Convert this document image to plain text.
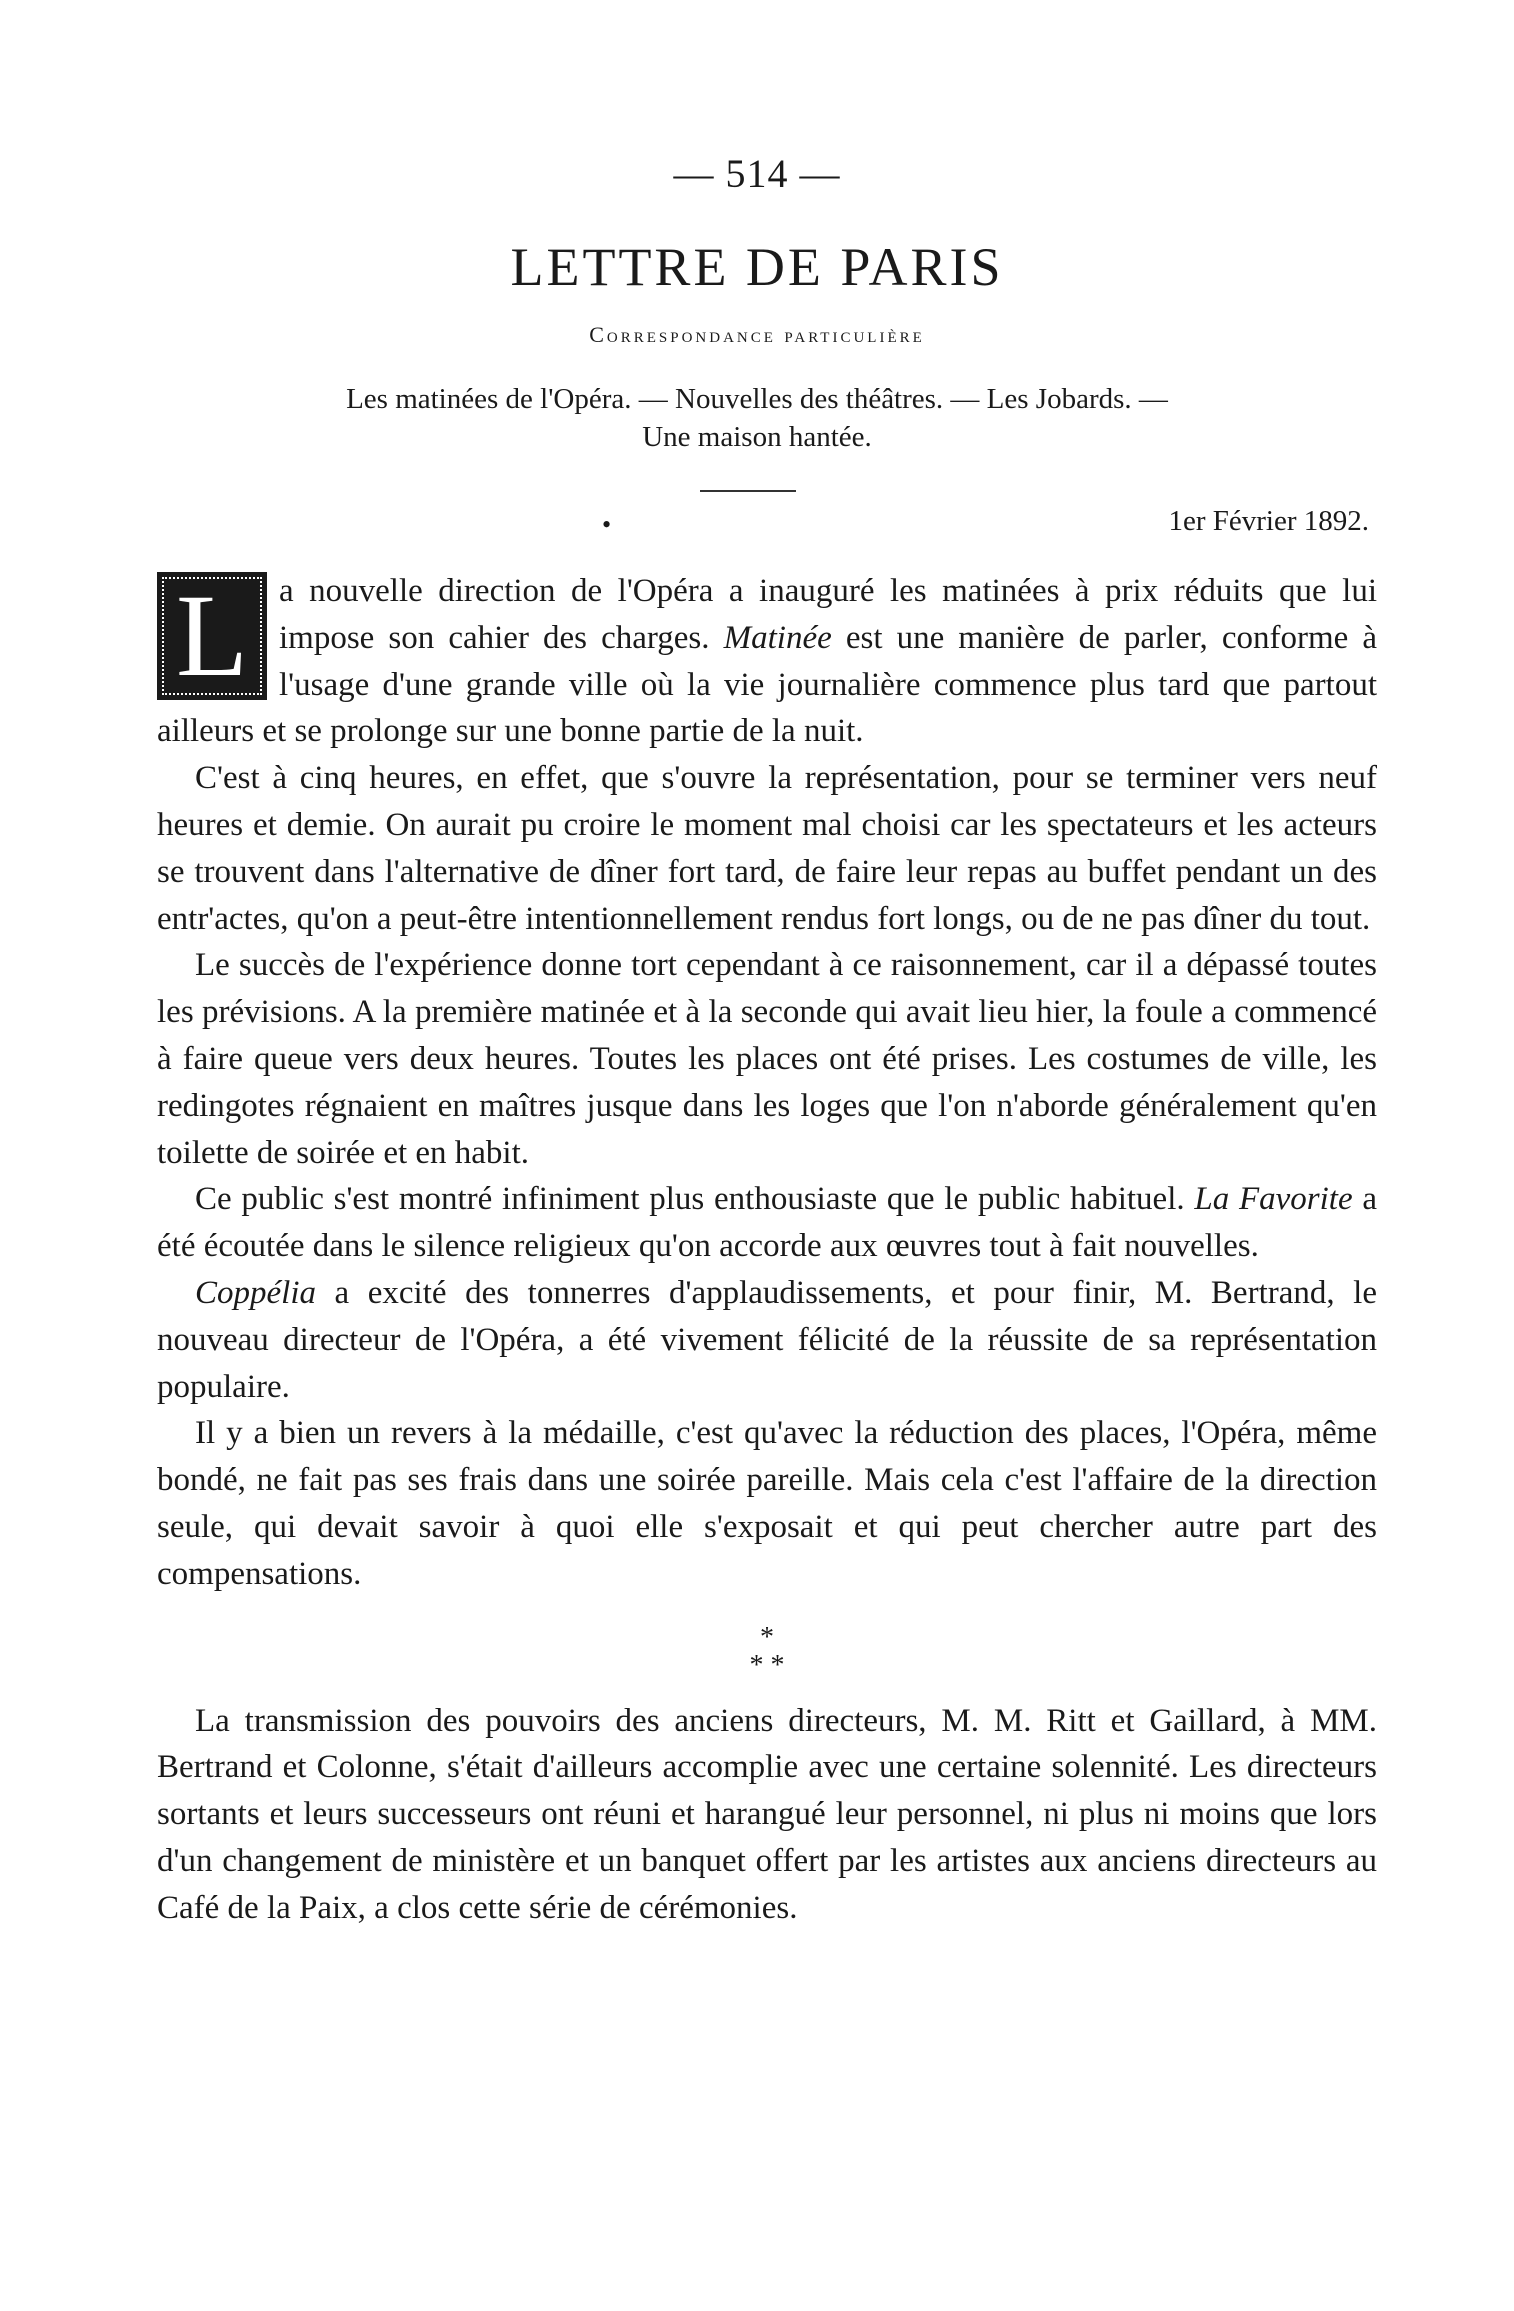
— 514 —
LETTRE DE PARIS
Correspondance particulière
Les matinées de l'Opéra. — Nouvelles des théâtres. — Les Jobards. —
Une maison hantée.
•	1er Février 1892.

L a nouvelle direction de l'Opéra a inauguré les matinées à prix réduits que lui impose son cahier des charges. Matinée est une manière de parler, conforme à l'usage d'une grande ville où la vie journalière commence plus tard que partout ailleurs et se prolonge sur une bonne partie de la nuit.

C'est à cinq heures, en effet, que s'ouvre la représentation, pour se terminer vers neuf heures et demie. On aurait pu croire le moment mal choisi car les spectateurs et les acteurs se trouvent dans l'alternative de dîner fort tard, de faire leur repas au buffet pendant un des entr'actes, qu'on a peut-être intentionnellement rendus fort longs, ou de ne pas dîner du tout.

Le succès de l'expérience donne tort cependant à ce raisonnement, car il a dépassé toutes les prévisions. A la première matinée et à la seconde qui avait lieu hier, la foule a commencé à faire queue vers deux heures. Toutes les places ont été prises. Les costumes de ville, les redingotes régnaient en maîtres jusque dans les loges que l'on n'aborde généralement qu'en toilette de soirée et en habit.

Ce public s'est montré infiniment plus enthousiaste que le public habituel. La Favorite a été écoutée dans le silence religieux qu'on accorde aux œuvres tout à fait nouvelles.

Coppélia a excité des tonnerres d'applaudissements, et pour finir, M. Bertrand, le nouveau directeur de l'Opéra, a été vivement félicité de la réussite de sa représentation populaire.

Il y a bien un revers à la médaille, c'est qu'avec la réduction des places, l'Opéra, même bondé, ne fait pas ses frais dans une soirée pareille. Mais cela c'est l'affaire de la direction seule, qui devait savoir à quoi elle s'exposait et qui peut chercher autre part des compensations.

*
* *

La transmission des pouvoirs des anciens directeurs, M. M. Ritt et Gaillard, à MM. Bertrand et Colonne, s'était d'ailleurs accomplie avec une certaine solennité. Les directeurs sortants et leurs successeurs ont réuni et harangué leur personnel, ni plus ni moins que lors d'un changement de ministère et un banquet offert par les artistes aux anciens directeurs au Café de la Paix, a clos cette série de cérémonies.
